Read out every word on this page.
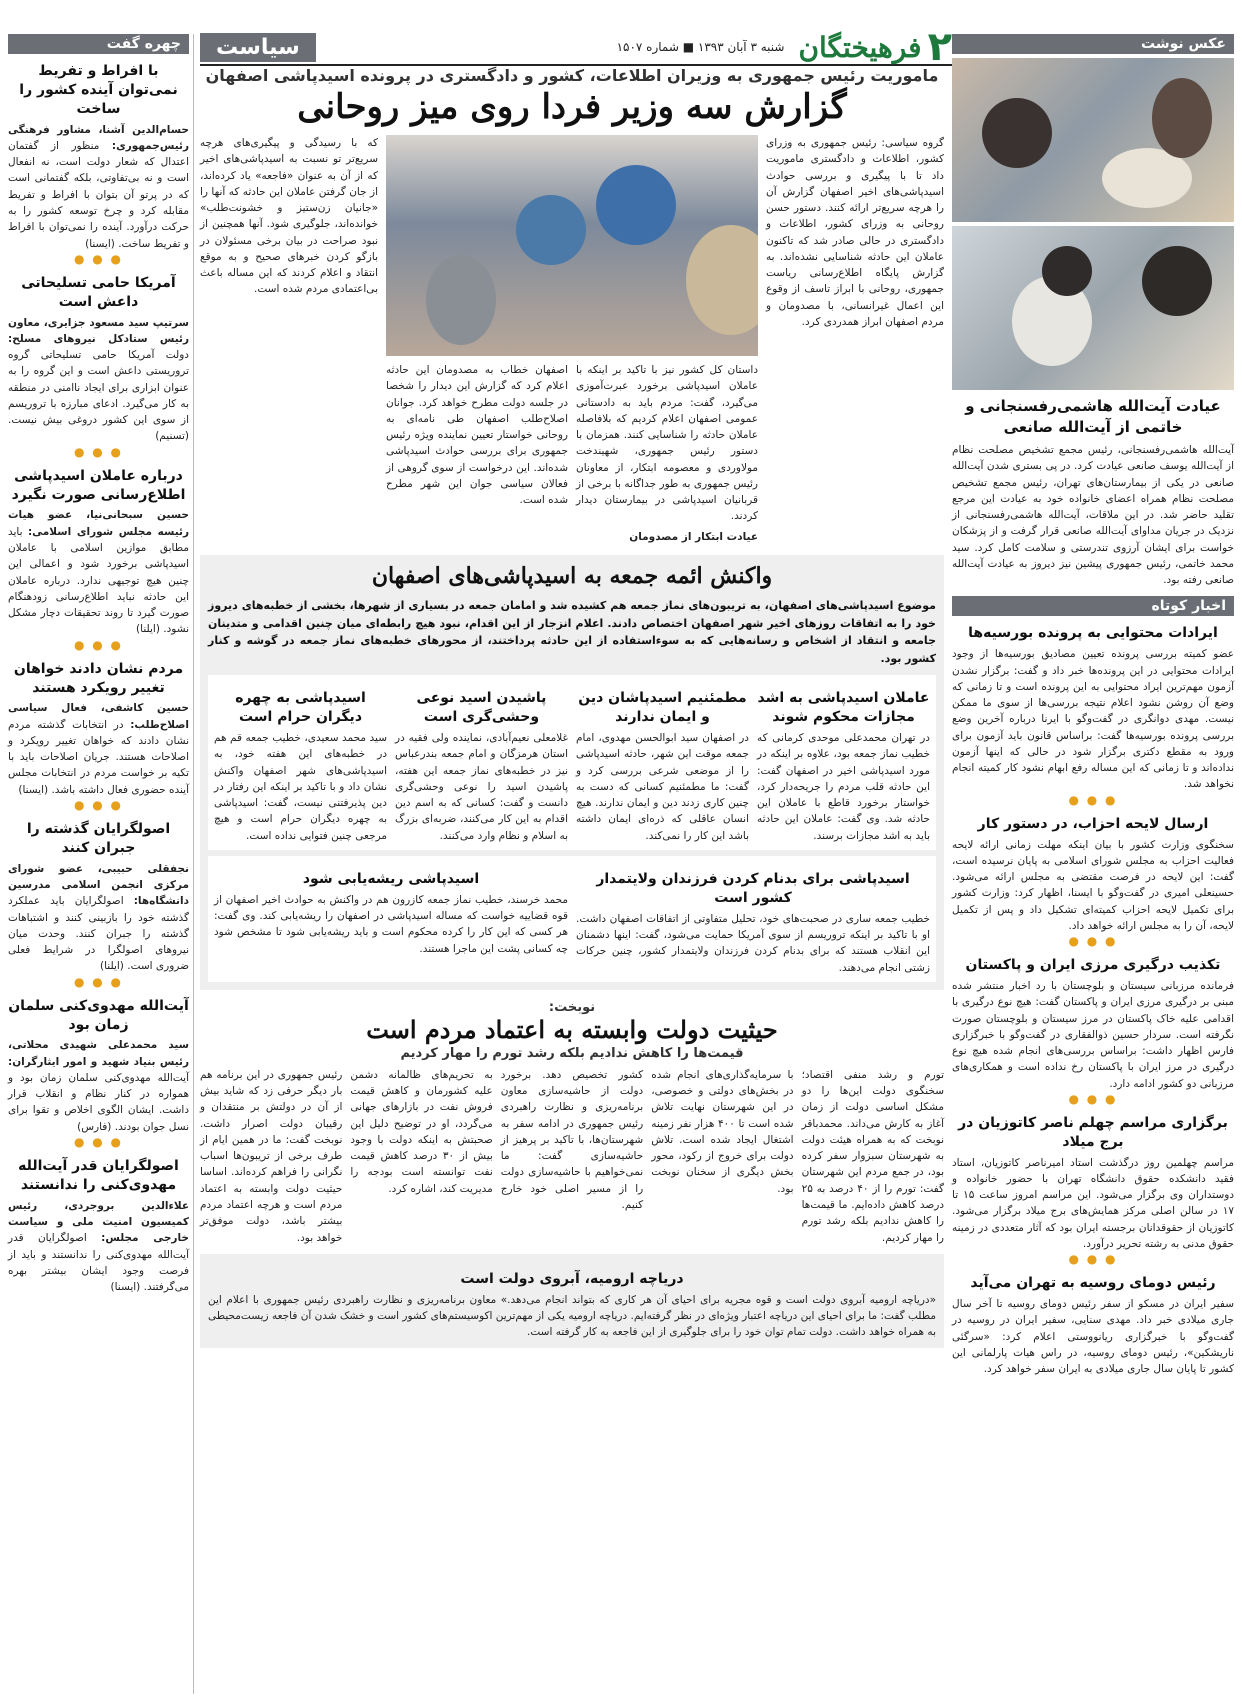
۲
فرهیختگان
شنبه ۳ آبان ۱۳۹۳ ■ شماره ۱۵۰۷
سیاست	عکس نوشت
عیادت آیت‌الله هاشمی‌رفسنجانی و خاتمی از آیت‌الله صانعی
آیت‌الله هاشمی‌رفسنجانی، رئیس مجمع تشخیص مصلحت نظام از آیت‌الله یوسف صانعی عیادت کرد. در پی بستری شدن آیت‌الله صانعی در یکی از بیمارستان‌های تهران، رئیس مجمع تشخیص مصلحت نظام همراه اعضای خانواده خود به عیادت این مرجع تقلید حاضر شد. در این ملاقات، آیت‌الله هاشمی‌رفسنجانی از نزدیک در جریان مداوای آیت‌الله صانعی قرار گرفت و از پزشکان خواست برای ایشان آرزوی تندرستی و سلامت کامل کرد. سید محمد خاتمی، رئیس جمهوری پیشین نیز دیروز به عیادت آیت‌الله صانعی رفته بود.
اخبار کوتاه
ایرادات محتوایی به پرونده بورسیه‌ها
عضو کمیته بررسی پرونده تعیین مصادیق بورسیه‌ها از وجود ایرادات محتوایی در این پرونده‌ها خبر داد و گفت: برگزار نشدن آزمون مهم‌ترین ایراد محتوایی به این پرونده است و تا زمانی که وضع آن روشن نشود اعلام نتیجه بررسی‌ها از سوی ما ممکن نیست. مهدی دوانگری در گفت‌وگو با ایرنا درباره آخرین وضع بررسی پرونده بورسیه‌ها گفت: براساس قانون باید آزمون برای ورود به مقطع دکتری برگزار شود در حالی که اینها آزمون نداده‌اند و تا زمانی که این مساله رفع ابهام نشود کار کمیته انجام نخواهد شد.
● ● ●
ارسال لایحه احزاب، در دستور کار
سخنگوی وزارت کشور با بیان اینکه مهلت زمانی ارائه لایحه فعالیت احزاب به مجلس شورای اسلامی به پایان نرسیده است، گفت: این لایحه در فرصت مقتضی به مجلس ارائه می‌شود. حسینعلی امیری در گفت‌وگو با ایسنا، اظهار کرد: وزارت کشور برای تکمیل لایحه احزاب کمیته‌ای تشکیل داد و پس از تکمیل لایحه، آن را به مجلس ارائه خواهد داد.
● ● ●
تکذیب درگیری مرزی ایران و پاکستان
فرمانده مرزبانی سیستان و بلوچستان با رد اخبار منتشر شده مبنی بر درگیری مرزی ایران و پاکستان گفت: هیچ نوع درگیری با اقدامی علیه خاک پاکستان در مرز سیستان و بلوچستان صورت نگرفته است. سردار حسین ذوالفقاری در گفت‌وگو با خبرگزاری فارس اظهار داشت: براساس بررسی‌های انجام شده هیچ نوع درگیری در مرز ایران با پاکستان رخ نداده است و همکاری‌های مرزبانی دو کشور ادامه دارد.
● ● ●
برگزاری مراسم چهلم ناصر کاتوزیان در برج میلاد
مراسم چهلمین روز درگذشت استاد امیرناصر کاتوزیان، استاد فقید دانشکده حقوق دانشگاه تهران با حضور خانواده و دوستداران وی برگزار می‌شود. این مراسم امروز ساعت ۱۵ تا ۱۷ در سالن اصلی مرکز همایش‌های برج میلاد برگزار می‌شود. کاتوزیان از حقوقدانان برجسته ایران بود که آثار متعددی در زمینه حقوق مدنی به رشته تحریر درآورد.
● ● ●
رئیس دومای روسیه به تهران می‌آید
سفیر ایران در مسکو از سفر رئیس دومای روسیه تا آخر سال جاری میلادی خبر داد. مهدی سنایی، سفیر ایران در روسیه در گفت‌وگو با خبرگزاری ریانووستی اعلام کرد: «سرگئی ناریشکین»، رئیس دومای روسیه، در راس هیات پارلمانی این کشور تا پایان سال جاری میلادی به ایران سفر خواهد کرد.
چهره گفت
با افراط و تفریط نمی‌توان آینده کشور را ساخت
حسام‌الدین آشنا، مشاور فرهنگی رئیس‌جمهوری: منظور از گفتمان اعتدال که شعار دولت است، نه انفعال است و نه بی‌تفاوتی، بلکه گفتمانی است که در پرتو آن بتوان با افراط و تفریط مقابله کرد و چرخ توسعه کشور را به حرکت درآورد. آینده را نمی‌توان با افراط و تفریط ساخت. (ایسنا)
● ● ●
آمریکا حامی تسلیحاتی داعش است
سرتیپ سید مسعود جزایری، معاون رئیس ستادکل نیروهای مسلح: دولت آمریکا حامی تسلیحاتی گروه تروریستی داعش است و این گروه را به عنوان ابزاری برای ایجاد ناامنی در منطقه به کار می‌گیرد. ادعای مبارزه با تروریسم از سوی این کشور دروغی بیش نیست. (تسنیم)
● ● ●
درباره عاملان اسیدپاشی اطلاع‌رسانی صورت نگیرد
حسین سبحانی‌نیا، عضو هیات رئیسه مجلس شورای اسلامی: باید مطابق موازین اسلامی با عاملان اسیدپاشی برخورد شود و اعمالی این چنین هیچ توجیهی ندارد. درباره عاملان این حادثه نباید اطلاع‌رسانی زودهنگام صورت گیرد تا روند تحقیقات دچار مشکل نشود. (ایلنا)
● ● ●
مردم نشان دادند خواهان تغییر رویکرد هستند
حسین کاشفی، فعال سیاسی اصلاح‌طلب: در انتخابات گذشته مردم نشان دادند که خواهان تغییر رویکرد و اصلاحات هستند. جریان اصلاحات باید با تکیه بر خواست مردم در انتخابات مجلس آینده حضوری فعال داشته باشد. (ایسنا)
● ● ●
اصولگرایان گذشته را جبران کنند
نجفقلی حبیبی، عضو شورای مرکزی انجمن اسلامی مدرسین دانشگاه‌ها: اصولگرایان باید عملکرد گذشته خود را بازبینی کنند و اشتباهات گذشته را جبران کنند. وحدت میان نیروهای اصولگرا در شرایط فعلی ضروری است. (ایلنا)
● ● ●
آیت‌الله مهدوی‌کنی سلمان زمان بود
سید محمدعلی شهیدی محلاتی، رئیس بنیاد شهید و امور ایثارگران: آیت‌الله مهدوی‌کنی سلمان زمان بود و همواره در کنار نظام و انقلاب قرار داشت. ایشان الگوی اخلاص و تقوا برای نسل جوان بودند. (فارس)
● ● ●
اصولگرایان قدر آیت‌الله مهدوی‌کنی را ندانستند
علاءالدین بروجردی، رئیس کمیسیون امنیت ملی و سیاست خارجی مجلس: اصولگرایان قدر آیت‌الله مهدوی‌کنی را ندانستند و باید از فرصت وجود ایشان بیشتر بهره می‌گرفتند. (ایسنا)
ماموریت رئیس جمهوری به وزیران اطلاعات، کشور و دادگستری در پرونده اسیدپاشی اصفهان
گزارش سه وزیر فردا روی میز روحانی
گروه سیاسی: رئیس جمهوری به وزرای کشور، اطلاعات و دادگستری ماموریت داد تا با پیگیری و بررسی حوادث اسیدپاشی‌های اخیر اصفهان گزارش آن را هرچه سریع‌تر ارائه کنند. دستور حسن روحانی به وزرای کشور، اطلاعات و دادگستری در حالی صادر شد که تاکنون عاملان این حادثه شناسایی نشده‌اند. به گزارش پایگاه اطلاع‌رسانی ریاست جمهوری، روحانی با ابراز تاسف از وقوع این اعمال غیرانسانی، با مصدومان و مردم اصفهان ابراز همدردی کرد.
داستان کل کشور نیز با تاکید بر اینکه با عاملان اسیدپاشی برخورد عبرت‌آموزی می‌گیرد، گفت: مردم باید به دادستانی عمومی اصفهان اعلام کردیم که بلافاصله عاملان حادثه را شناسایی کنند. همزمان با دستور رئیس جمهوری، شهیندخت مولاوردی و معصومه ابتکار، از معاونان رئیس جمهوری به طور جداگانه با برخی از قربانیان اسیدپاشی در بیمارستان دیدار کردند.
عیادت ابتکار از مصدومان
اصفهان خطاب به مصدومان این حادثه اعلام کرد که گزارش این دیدار را شخصا در جلسه دولت مطرح خواهد کرد. جوانان اصلاح‌طلب اصفهان طی نامه‌ای به روحانی خواستار تعیین نماینده ویژه رئیس جمهوری برای بررسی حوادث اسیدپاشی شده‌اند. این درخواست از سوی گروهی از فعالان سیاسی جوان این شهر مطرح شده است.
که با رسیدگی و پیگیری‌های هرچه سریع‌تر تو نسبت به اسیدپاشی‌های اخیر که از آن به عنوان «فاجعه» یاد کرده‌اند، از جان گرفتن عاملان این حادثه که آنها را «جانیان زن‌ستیز و خشونت‌طلب» خوانده‌اند، جلوگیری شود. آنها همچنین از نبود صراحت در بیان برخی مسئولان در بازگو کردن خبرهای صحیح و به موقع انتقاد و اعلام کردند که این مساله باعث بی‌اعتمادی مردم شده است.
واکنش ائمه جمعه به اسیدپاشی‌های اصفهان
موضوع اسیدپاشی‌های اصفهان، به تریبون‌های نماز جمعه هم کشیده شد و امامان جمعه در بسیاری از شهرها، بخشی از خطبه‌های دیروز خود را به اتفاقات روزهای اخیر شهر اصفهان اختصاص دادند. اعلام انزجار از این اقدام، نبود هیچ رابطه‌ای میان چنین اقدامی و متدینان جامعه و انتقاد از اشخاص و رسانه‌هایی که به سوءاستفاده از این حادثه پرداختند، از محورهای خطبه‌های نماز جمعه در گوشه و کنار کشور بود.
عاملان اسیدپاشی به اشد مجازات محکوم شوند
در تهران محمدعلی موحدی کرمانی که خطیب نماز جمعه بود، علاوه بر اینکه در مورد اسیدپاشی اخیر در اصفهان گفت: این حادثه قلب مردم را جریحه‌دار کرد، خواستار برخورد قاطع با عاملان این حادثه شد. وی گفت: عاملان این حادثه باید به اشد مجازات برسند.
مطمئنیم اسیدپاشان دین و ایمان ندارند
در اصفهان سید ابوالحسن مهدوی، امام جمعه موقت این شهر، حادثه اسیدپاشی را از موضعی شرعی بررسی کرد و گفت: ما مطمئنیم کسانی که دست به چنین کاری زدند دین و ایمان ندارند. هیچ انسان عاقلی که ذره‌ای ایمان داشته باشد این کار را نمی‌کند.
پاشیدن اسید نوعی وحشی‌گری است
غلامعلی نعیم‌آبادی، نماینده ولی فقیه در استان هرمزگان و امام جمعه بندرعباس نیز در خطبه‌های نماز جمعه این هفته، پاشیدن اسید را نوعی وحشی‌گری دانست و گفت: کسانی که به اسم دین اقدام به این کار می‌کنند، ضربه‌ای بزرگ به اسلام و نظام وارد می‌کنند.
اسیدپاشی به چهره دیگران حرام است
سید محمد سعیدی، خطیب جمعه قم هم در خطبه‌های این هفته خود، به اسیدپاشی‌های شهر اصفهان واکنش نشان داد و با تاکید بر اینکه این رفتار در دین پذیرفتنی نیست، گفت: اسیدپاشی به چهره دیگران حرام است و هیچ مرجعی چنین فتوایی نداده است.
اسیدپاشی برای بدنام کردن فرزندان ولایتمدار کشور است
خطیب جمعه ساری در صحبت‌های خود، تحلیل متفاوتی از اتفاقات اصفهان داشت. او با تاکید بر اینکه تروریسم از سوی آمریکا حمایت می‌شود، گفت: اینها دشمنان این انقلاب هستند که برای بدنام کردن فرزندان ولایتمدار کشور، چنین حرکات زشتی انجام می‌دهند.
اسیدپاشی ریشه‌یابی شود
محمد خرسند، خطیب نماز جمعه کازرون هم در واکنش به حوادث اخیر اصفهان از قوه قضاییه خواست که مساله اسیدپاشی در اصفهان را ریشه‌یابی کند. وی گفت: هر کسی که این کار را کرده محکوم است و باید ریشه‌یابی شود تا مشخص شود چه کسانی پشت این ماجرا هستند.
نوبخت:
حیثیت دولت وابسته به اعتماد مردم است
قیمت‌ها را کاهش ندادیم بلکه رشد تورم را مهار کردیم
تورم و رشد منفی اقتصاد؛ سخنگوی دولت این‌ها را دو مشکل اساسی دولت از زمان آغاز به کارش می‌داند. محمدباقر نوبخت که به همراه هیئت دولت به شهرستان سبزوار سفر کرده بود، در جمع مردم این شهرستان گفت: تورم را از ۴۰ درصد به ۲۵ درصد کاهش داده‌ایم. ما قیمت‌ها را کاهش ندادیم بلکه رشد تورم را مهار کردیم.
با سرمایه‌گذاری‌های انجام شده در بخش‌های دولتی و خصوصی، در این شهرستان نهایت تلاش شده است تا ۴۰۰ هزار نفر زمینه اشتغال ایجاد شده است. تلاش دولت برای خروج از رکود، محور بخش دیگری از سخنان نوبخت بود.
کشور تخصیص دهد. برخورد دولت از حاشیه‌سازی معاون برنامه‌ریزی و نظارت راهبردی رئیس جمهوری در ادامه سفر به شهرستان‌ها، با تاکید بر پرهیز از حاشیه‌سازی گفت: ما نمی‌خواهیم با حاشیه‌سازی دولت را از مسیر اصلی خود خارج کنیم.
به تحریم‌های ظالمانه دشمن علیه کشورمان و کاهش قیمت فروش نفت در بازارهای جهانی می‌گردد، او در توضیح دلیل این صحبتش به اینکه دولت با وجود بیش از ۳۰ درصد کاهش قیمت نفت توانسته است بودجه را مدیریت کند، اشاره کرد.
رئیس جمهوری در این برنامه هم بار دیگر حرفی زد که شاید بیش از آن در دولتش بر منتقدان و رقیبان دولت اصرار داشت. نوبخت گفت: ما در همین ایام از طرف برخی از تریبون‌ها اسباب نگرانی را فراهم کرده‌اند. اساسا حیثیت دولت وابسته به اعتماد مردم است و هرچه اعتماد مردم بیشتر باشد، دولت موفق‌تر خواهد بود.
دریاچه ارومیه، آبروی دولت است
«دریاچه ارومیه آبروی دولت است و قوه مجریه برای احیای آن هر کاری که بتواند انجام می‌دهد.» معاون برنامه‌ریزی و نظارت راهبردی رئیس جمهوری با اعلام این مطلب گفت: ما برای احیای این دریاچه اعتبار ویژه‌ای در نظر گرفته‌ایم. دریاچه ارومیه یکی از مهم‌ترین اکوسیستم‌های کشور است و خشک شدن آن فاجعه زیست‌محیطی به همراه خواهد داشت. دولت تمام توان خود را برای جلوگیری از این فاجعه به کار گرفته است.
